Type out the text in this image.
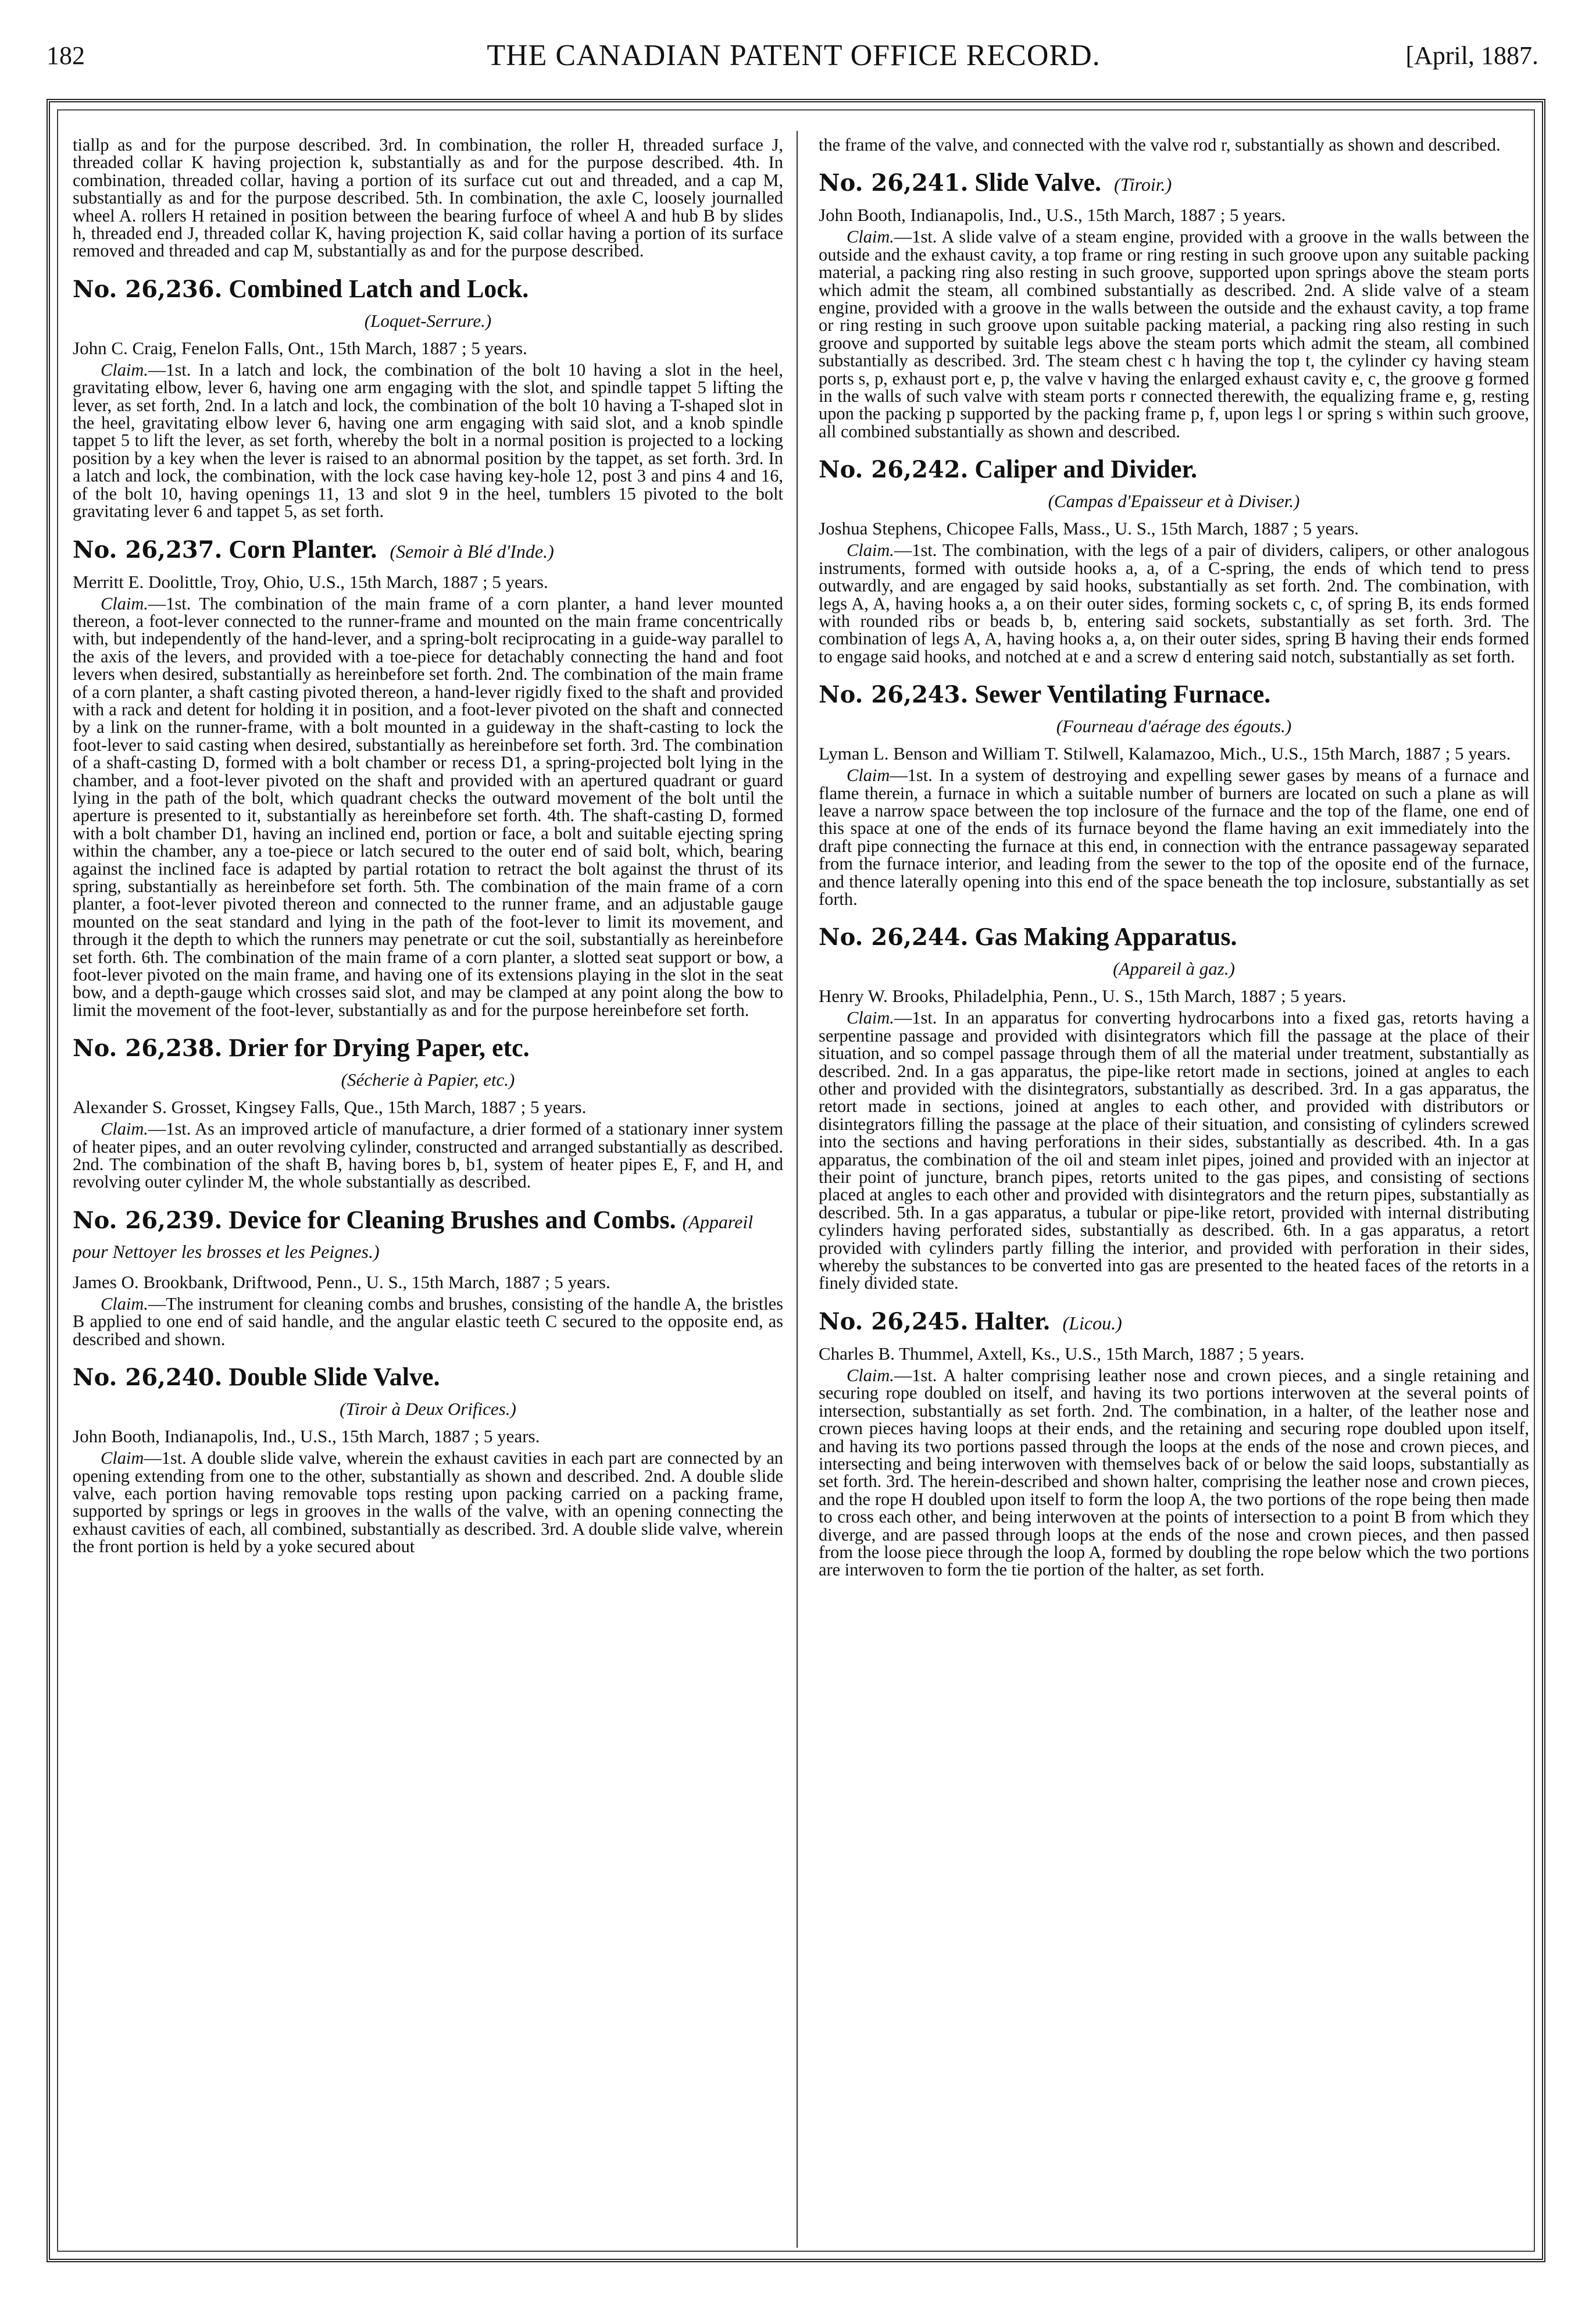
182	THE CANADIAN PATENT OFFICE RECORD.	[April, 1887.

tiallp as and for the purpose described. 3rd. In combination, the roller H, threaded surface J, threaded collar K having projection k, substantially as and for the purpose described. 4th. In combination, threaded collar, having a portion of its surface cut out and threaded, and a cap M, substantially as and for the purpose described. 5th. In combination, the axle C, loosely journalled wheel A. rollers H retained in position between the bearing furfoce of wheel A and hub B by slides h, threaded end J, threaded collar K, having projection K, said collar having a portion of its surface removed and threaded and cap M, substantially as and for the purpose described.

No. 26,236. Combined Latch and Lock.

(Loquet-Serrure.)

John C. Craig, Fenelon Falls, Ont., 15th March, 1887 ; 5 years.

Claim.—1st. In a latch and lock, the combination of the bolt 10 having a slot in the heel, gravitating elbow, lever 6, having one arm engaging with the slot, and spindle tappet 5 lifting the lever, as set forth, 2nd. In a latch and lock, the combination of the bolt 10 having a T-shaped slot in the heel, gravitating elbow lever 6, having one arm engaging with said slot, and a knob spindle tappet 5 to lift the lever, as set forth, whereby the bolt in a normal position is projected to a locking position by a key when the lever is raised to an abnormal position by the tappet, as set forth. 3rd. In a latch and lock, the combination, with the lock case having key-hole 12, post 3 and pins 4 and 16, of the bolt 10, having openings 11, 13 and slot 9 in the heel, tumblers 15 pivoted to the bolt gravitating lever 6 and tappet 5, as set forth.

No. 26,237. Corn Planter. (Semoir à Blé d'Inde.)

Merritt E. Doolittle, Troy, Ohio, U.S., 15th March, 1887 ; 5 years.

Claim.—1st. The combination of the main frame of a corn planter, a hand lever mounted thereon, a foot-lever connected to the runner-frame and mounted on the main frame concentrically with, but independently of the hand-lever, and a spring-bolt reciprocating in a guide-way parallel to the axis of the levers, and provided with a toe-piece for detachably connecting the hand and foot levers when desired, substantially as hereinbefore set forth. 2nd. The combination of the main frame of a corn planter, a shaft casting pivoted thereon, a hand-lever rigidly fixed to the shaft and provided with a rack and detent for holding it in position, and a foot-lever pivoted on the shaft and connected by a link on the runner-frame, with a bolt mounted in a guideway in the shaft-casting to lock the foot-lever to said casting when desired, substantially as hereinbefore set forth. 3rd. The combination of a shaft-casting D, formed with a bolt chamber or recess D1, a spring-projected bolt lying in the chamber, and a foot-lever pivoted on the shaft and provided with an apertured quadrant or guard lying in the path of the bolt, which quadrant checks the outward movement of the bolt until the aperture is presented to it, substantially as hereinbefore set forth. 4th. The shaft-casting D, formed with a bolt chamber D1, having an inclined end, portion or face, a bolt and suitable ejecting spring within the chamber, any a toe-piece or latch secured to the outer end of said bolt, which, bearing against the inclined face is adapted by partial rotation to retract the bolt against the thrust of its spring, substantially as hereinbefore set forth. 5th. The combination of the main frame of a corn planter, a foot-lever pivoted thereon and connected to the runner frame, and an adjustable gauge mounted on the seat standard and lying in the path of the foot-lever to limit its movement, and through it the depth to which the runners may penetrate or cut the soil, substantially as hereinbefore set forth. 6th. The combination of the main frame of a corn planter, a slotted seat support or bow, a foot-lever pivoted on the main frame, and having one of its extensions playing in the slot in the seat bow, and a depth-gauge which crosses said slot, and may be clamped at any point along the bow to limit the movement of the foot-lever, substantially as and for the purpose hereinbefore set forth.

No. 26,238. Drier for Drying Paper, etc.

(Sécherie à Papier, etc.)

Alexander S. Grosset, Kingsey Falls, Que., 15th March, 1887 ; 5 years.

Claim.—1st. As an improved article of manufacture, a drier formed of a stationary inner system of heater pipes, and an outer revolving cylinder, constructed and arranged substantially as described. 2nd. The combination of the shaft B, having bores b, b1, system of heater pipes E, F, and H, and revolving outer cylinder M, the whole substantially as described.

No. 26,239. Device for Cleaning Brushes and Combs. (Appareil pour Nettoyer les brosses et les Peignes.)

James O. Brookbank, Driftwood, Penn., U. S., 15th March, 1887 ; 5 years.

Claim.—The instrument for cleaning combs and brushes, consisting of the handle A, the bristles B applied to one end of said handle, and the angular elastic teeth C secured to the opposite end, as described and shown.

No. 26,240. Double Slide Valve.

(Tiroir à Deux Orifices.)

John Booth, Indianapolis, Ind., U.S., 15th March, 1887 ; 5 years.

Claim—1st. A double slide valve, wherein the exhaust cavities in each part are connected by an opening extending from one to the other, substantially as shown and described. 2nd. A double slide valve, each portion having removable tops resting upon packing carried on a packing frame, supported by springs or legs in grooves in the walls of the valve, with an opening connecting the exhaust cavities of each, all combined, substantially as described. 3rd. A double slide valve, wherein the front portion is held by a yoke secured about

the frame of the valve, and connected with the valve rod r, substantially as shown and described.

No. 26,241. Slide Valve. (Tiroir.)

John Booth, Indianapolis, Ind., U.S., 15th March, 1887 ; 5 years.

Claim.—1st. A slide valve of a steam engine, provided with a groove in the walls between the outside and the exhaust cavity, a top frame or ring resting in such groove upon any suitable packing material, a packing ring also resting in such groove, supported upon springs above the steam ports which admit the steam, all combined substantially as described. 2nd. A slide valve of a steam engine, provided with a groove in the walls between the outside and the exhaust cavity, a top frame or ring resting in such groove upon suitable packing material, a packing ring also resting in such groove and supported by suitable legs above the steam ports which admit the steam, all combined substantially as described. 3rd. The steam chest c h having the top t, the cylinder cy having steam ports s, p, exhaust port e, p, the valve v having the enlarged exhaust cavity e, c, the groove g formed in the walls of such valve with steam ports r connected therewith, the equalizing frame e, g, resting upon the packing p supported by the packing frame p, f, upon legs l or spring s within such groove, all combined substantially as shown and described.

No. 26,242. Caliper and Divider.

(Campas d'Epaisseur et à Diviser.)

Joshua Stephens, Chicopee Falls, Mass., U. S., 15th March, 1887 ; 5 years.

Claim.—1st. The combination, with the legs of a pair of dividers, calipers, or other analogous instruments, formed with outside hooks a, a, of a C-spring, the ends of which tend to press outwardly, and are engaged by said hooks, substantially as set forth. 2nd. The combination, with legs A, A, having hooks a, a on their outer sides, forming sockets c, c, of spring B, its ends formed with rounded ribs or beads b, b, entering said sockets, substantially as set forth. 3rd. The combination of legs A, A, having hooks a, a, on their outer sides, spring B having their ends formed to engage said hooks, and notched at e and a screw d entering said notch, substantially as set forth.

No. 26,243. Sewer Ventilating Furnace.

(Fourneau d'aérage des égouts.)

Lyman L. Benson and William T. Stilwell, Kalamazoo, Mich., U.S., 15th March, 1887 ; 5 years.

Claim—1st. In a system of destroying and expelling sewer gases by means of a furnace and flame therein, a furnace in which a suitable number of burners are located on such a plane as will leave a narrow space between the top inclosure of the furnace and the top of the flame, one end of this space at one of the ends of its furnace beyond the flame having an exit immediately into the draft pipe connecting the furnace at this end, in connection with the entrance passageway separated from the furnace interior, and leading from the sewer to the top of the oposite end of the furnace, and thence laterally opening into this end of the space beneath the top inclosure, substantially as set forth.

No. 26,244. Gas Making Apparatus.

(Appareil à gaz.)

Henry W. Brooks, Philadelphia, Penn., U. S., 15th March, 1887 ; 5 years.

Claim.—1st. In an apparatus for converting hydrocarbons into a fixed gas, retorts having a serpentine passage and provided with disintegrators which fill the passage at the place of their situation, and so compel passage through them of all the material under treatment, substantially as described. 2nd. In a gas apparatus, the pipe-like retort made in sections, joined at angles to each other and provided with the disintegrators, substantially as described. 3rd. In a gas apparatus, the retort made in sections, joined at angles to each other, and provided with distributors or disintegrators filling the passage at the place of their situation, and consisting of cylinders screwed into the sections and having perforations in their sides, substantially as described. 4th. In a gas apparatus, the combination of the oil and steam inlet pipes, joined and provided with an injector at their point of juncture, branch pipes, retorts united to the gas pipes, and consisting of sections placed at angles to each other and provided with disintegrators and the return pipes, substantially as described. 5th. In a gas apparatus, a tubular or pipe-like retort, provided with internal distributing cylinders having perforated sides, substantially as described. 6th. In a gas apparatus, a retort provided with cylinders partly filling the interior, and provided with perforation in their sides, whereby the substances to be converted into gas are presented to the heated faces of the retorts in a finely divided state.

No. 26,245. Halter. (Licou.)

Charles B. Thummel, Axtell, Ks., U.S., 15th March, 1887 ; 5 years.

Claim.—1st. A halter comprising leather nose and crown pieces, and a single retaining and securing rope doubled on itself, and having its two portions interwoven at the several points of intersection, substantially as set forth. 2nd. The combination, in a halter, of the leather nose and crown pieces having loops at their ends, and the retaining and securing rope doubled upon itself, and having its two portions passed through the loops at the ends of the nose and crown pieces, and intersecting and being interwoven with themselves back of or below the said loops, substantially as set forth. 3rd. The herein-described and shown halter, comprising the leather nose and crown pieces, and the rope H doubled upon itself to form the loop A, the two portions of the rope being then made to cross each other, and being interwoven at the points of intersection to a point B from which they diverge, and are passed through loops at the ends of the nose and crown pieces, and then passed from the loose piece through the loop A, formed by doubling the rope below which the two portions are interwoven to form the tie portion of the halter, as set forth.
